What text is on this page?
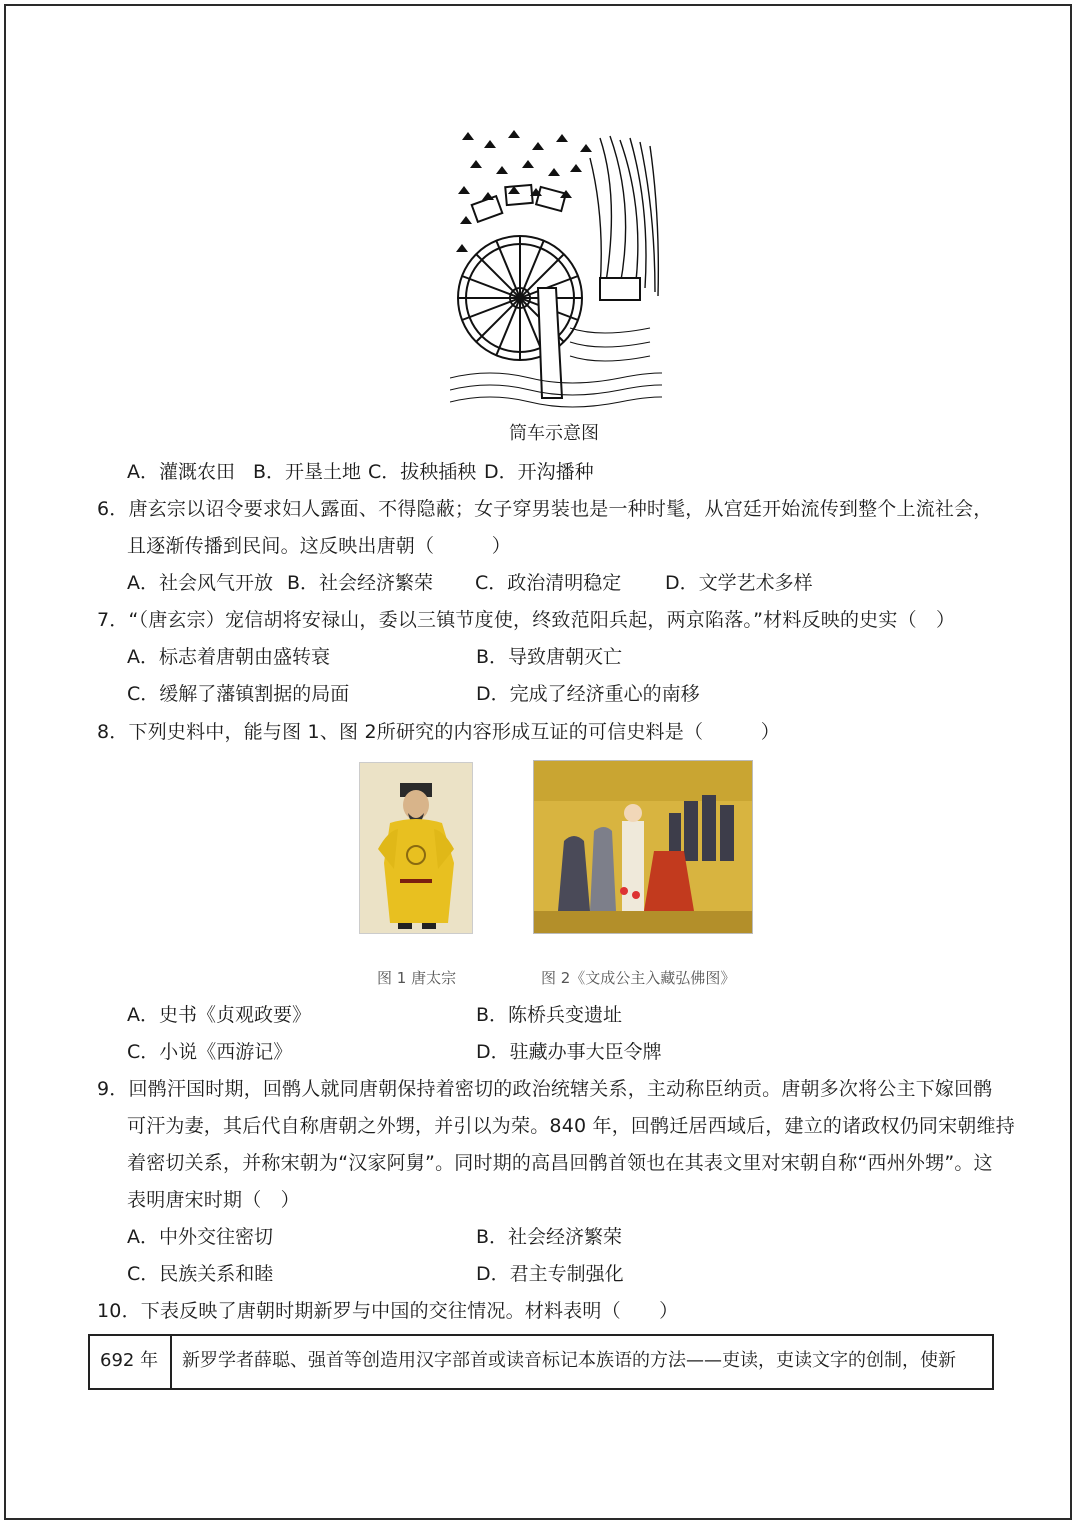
筒车示意图
A．灌溉农田 B．开垦土地 C．拔秧插秧 D．开沟播种
6．唐玄宗以诏令要求妇人露面、不得隐蔽；女子穿男装也是一种时髦，从宫廷开始流传到整个上流社会，
且逐渐传播到民间。这反映出唐朝（　　　）
A．社会风气开放 B．社会经济繁荣 C．政治清明稳定 D．文学艺术多样
7．“（唐玄宗）宠信胡将安禄山，委以三镇节度使，终致范阳兵起，两京陷落。”材料反映的史实（　）
A．标志着唐朝由盛转衰	B．导致唐朝灭亡
C．缓解了藩镇割据的局面	D．完成了经济重心的南移
8．下列史料中，能与图 1、图 2所研究的内容形成互证的可信史料是（　　　）
图 1 唐太宗	图 2《文成公主入藏弘佛图》
A．史书《贞观政要》	B．陈桥兵变遗址
C．小说《西游记》	D．驻藏办事大臣令牌
9．回鹘汗国时期，回鹘人就同唐朝保持着密切的政治统辖关系，主动称臣纳贡。唐朝多次将公主下嫁回鹘
可汗为妻，其后代自称唐朝之外甥，并引以为荣。840 年，回鹘迁居西域后，建立的诸政权仍同宋朝维持
着密切关系，并称宋朝为“汉家阿舅”。同时期的高昌回鹘首领也在其表文里对宋朝自称“西州外甥”。这
表明唐宋时期（　）
A．中外交往密切	B．社会经济繁荣
C．民族关系和睦	D．君主专制强化
10．下表反映了唐朝时期新罗与中国的交往情况。材料表明（　　）
692 年	新罗学者薛聪、强首等创造用汉字部首或读音标记本族语的方法——吏读，吏读文字的创制，使新
